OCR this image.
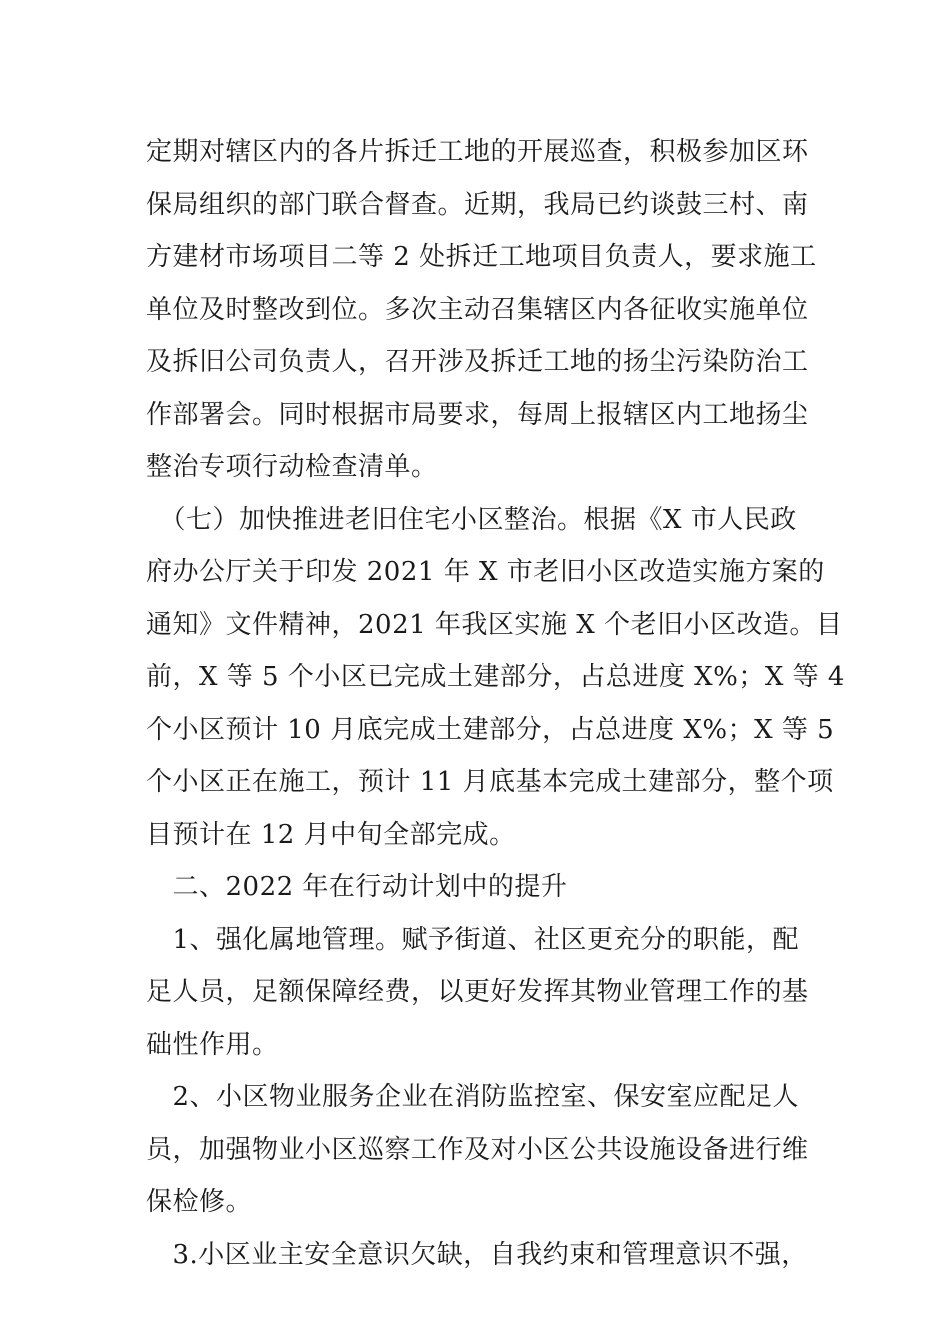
定期对辖区内的各片拆迁工地的开展巡查，积极参加区环
保局组织的部门联合督查。近期，我局已约谈鼓三村、南
方建材市场项目二等 2 处拆迁工地项目负责人，要求施工
单位及时整改到位。多次主动召集辖区内各征收实施单位
及拆旧公司负责人，召开涉及拆迁工地的扬尘污染防治工
作部署会。同时根据市局要求，每周上报辖区内工地扬尘
整治专项行动检查清单。
　（七）加快推进老旧住宅小区整治。根据《X 市人民政
府办公厅关于印发 2021 年 X 市老旧小区改造实施方案的
通知》文件精神，2021 年我区实施 X 个老旧小区改造。目
前，X 等 5 个小区已完成土建部分，占总进度 X%；X 等 4
个小区预计 10 月底完成土建部分，占总进度 X%；X 等 5
个小区正在施工，预计 11 月底基本完成土建部分，整个项
目预计在 12 月中旬全部完成。
　二、2022 年在行动计划中的提升
　1、强化属地管理。赋予街道、社区更充分的职能，配
足人员，足额保障经费，以更好发挥其物业管理工作的基
础性作用。
　2、小区物业服务企业在消防监控室、保安室应配足人
员，加强物业小区巡察工作及对小区公共设施设备进行维
保检修。
　3.小区业主安全意识欠缺，自我约束和管理意识不强，
